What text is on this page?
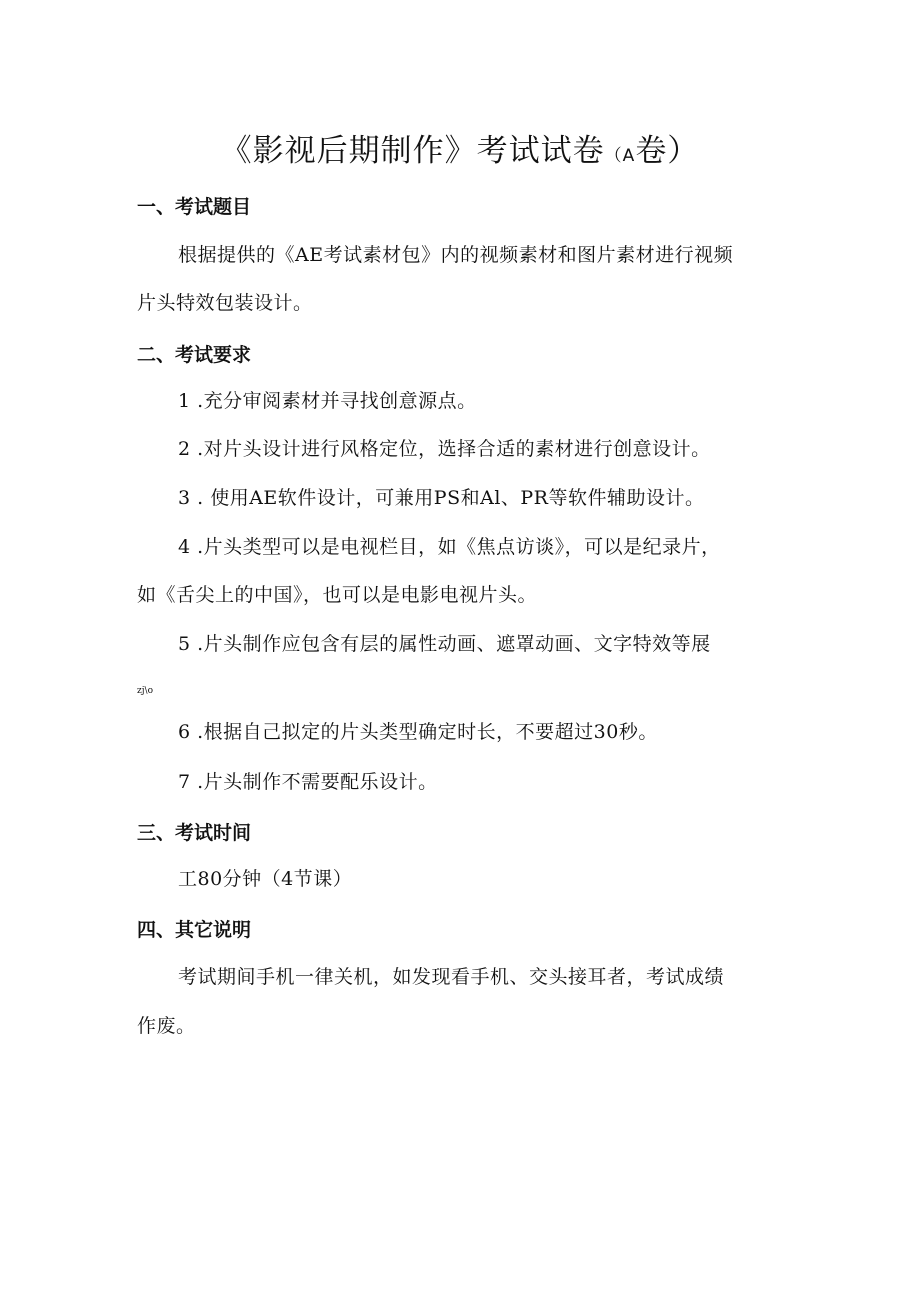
《影视后期制作》考试试卷（A卷）
一、考试题目
根据提供的《AE考试素材包》内的视频素材和图片素材进行视频
片头特效包装设计。
二、考试要求
1 .充分审阅素材并寻找创意源点。
2 .对片头设计进行风格定位，选择合适的素材进行创意设计。
3 . 使用AE软件设计，可兼用PS和Al、PR等软件辅助设计。
4 .片头类型可以是电视栏目，如《焦点访谈》，可以是纪录片，
如《舌尖上的中国》，也可以是电影电视片头。
5 .片头制作应包含有层的属性动画、遮罩动画、文字特效等展
zj\o
6 .根据自己拟定的片头类型确定时长，不要超过30秒。
7 .片头制作不需要配乐设计。
三、考试时间
工80分钟（4节课）
四、其它说明
考试期间手机一律关机，如发现看手机、交头接耳者，考试成绩
作废。
